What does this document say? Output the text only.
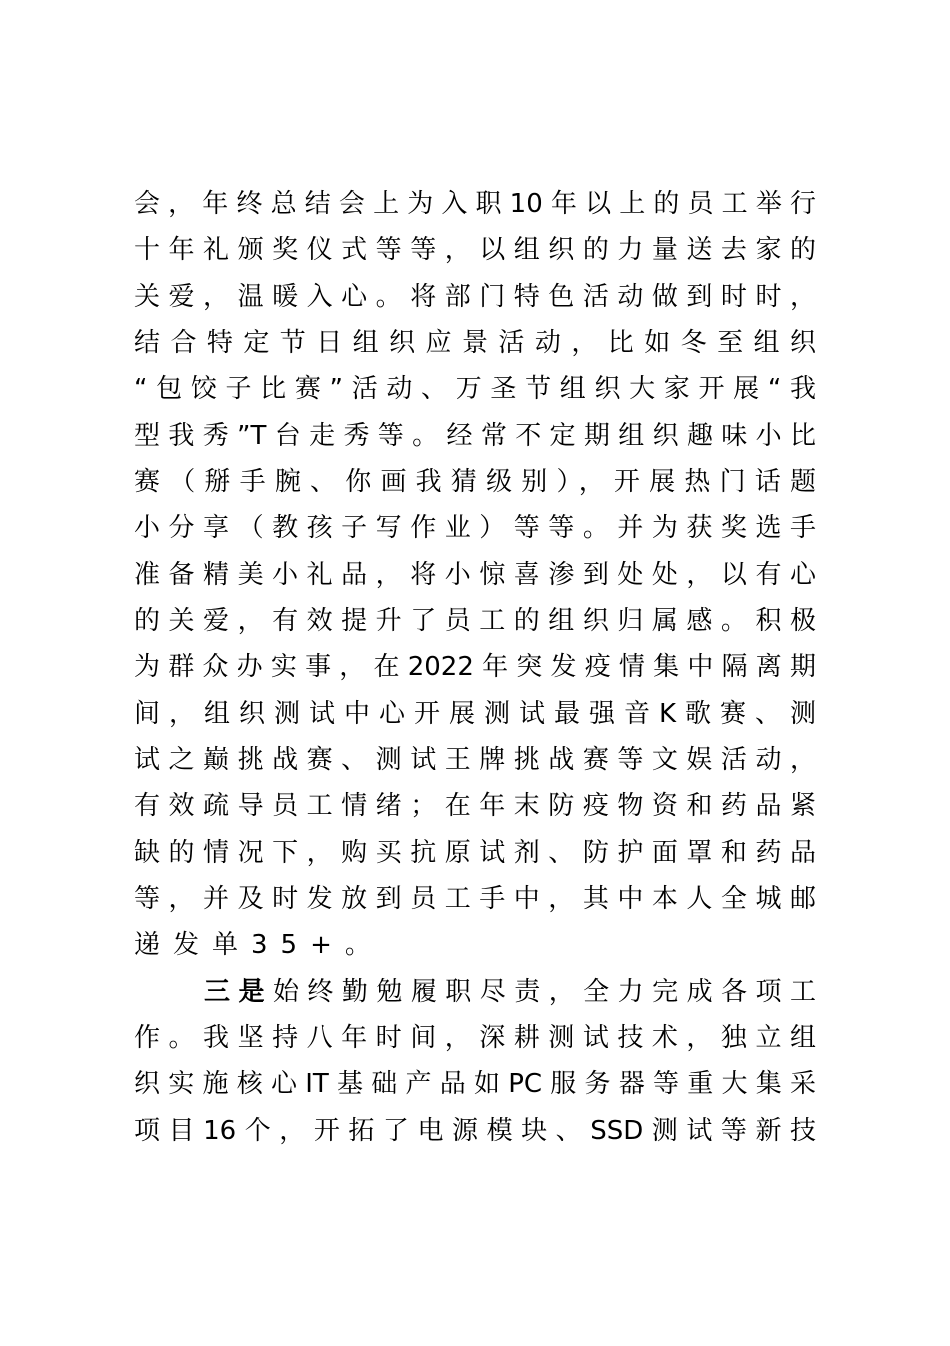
会，年终总结会上为入职10年以上的员工举行
十年礼颁奖仪式等等，以组织的力量送去家的
关爱，温暖入心。将部门特色活动做到时时，
结合特定节日组织应景活动，比如冬至组织
“包饺子比赛”活动、万圣节组织大家开展“我
型我秀”T台走秀等。经常不定期组织趣味小比
赛（掰手腕、你画我猜级别），开展热门话题
小分享（教孩子写作业）等等。并为获奖选手
准备精美小礼品，将小惊喜渗到处处，以有心
的关爱，有效提升了员工的组织归属感。积极
为群众办实事，在2022年突发疫情集中隔离期
间，组织测试中心开展测试最强音K歌赛、测
试之巅挑战赛、测试王牌挑战赛等文娱活动，
有效疏导员工情绪；在年末防疫物资和药品紧
缺的情况下，购买抗原试剂、防护面罩和药品
等，并及时发放到员工手中，其中本人全城邮
递发单35+。
三是始终勤勉履职尽责，全力完成各项工
作。我坚持八年时间，深耕测试技术，独立组
织实施核心IT基础产品如PC服务器等重大集采
项目16个，开拓了电源模块、SSD测试等新技
